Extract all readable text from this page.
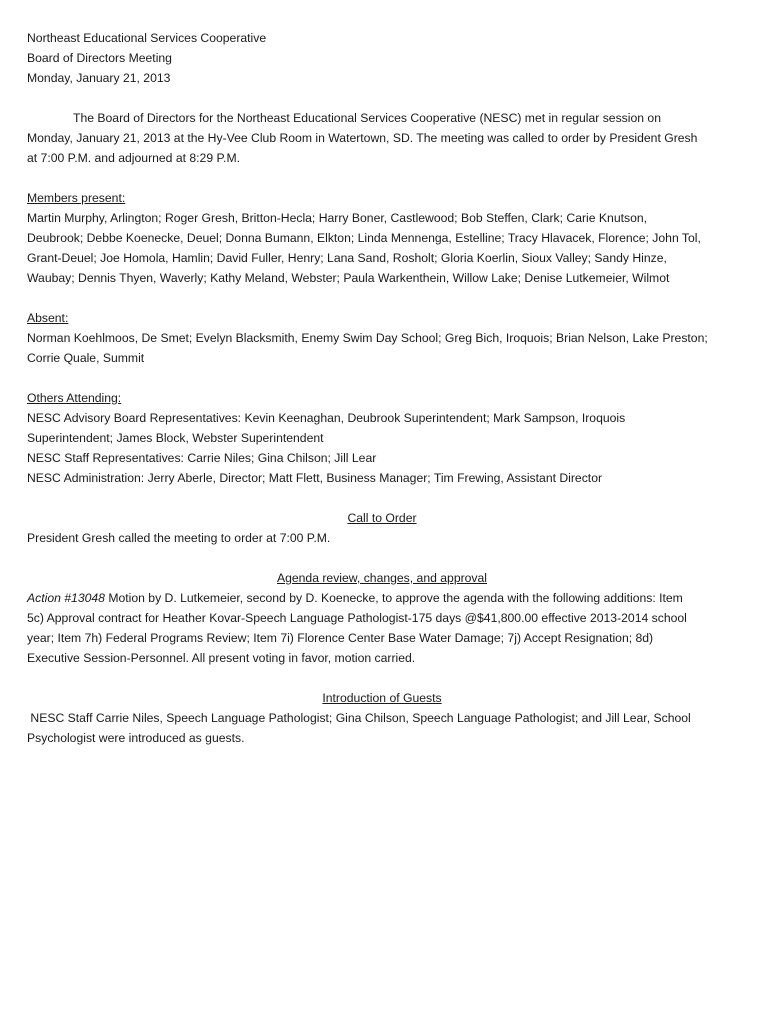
Northeast Educational Services Cooperative
Board of Directors Meeting
Monday, January 21, 2013
The Board of Directors for the Northeast Educational Services Cooperative (NESC) met in regular session on
Monday, January 21, 2013 at the Hy-Vee Club Room in Watertown, SD. The meeting was called to order by President Gresh
at 7:00 P.M. and adjourned at 8:29 P.M.
Members present:
Martin Murphy, Arlington; Roger Gresh, Britton-Hecla; Harry Boner, Castlewood; Bob Steffen, Clark; Carie Knutson,
Deubrook; Debbe Koenecke, Deuel; Donna Bumann, Elkton; Linda Mennenga, Estelline; Tracy Hlavacek, Florence; John Tol,
Grant-Deuel; Joe Homola, Hamlin; David Fuller, Henry; Lana Sand, Rosholt; Gloria Koerlin, Sioux Valley; Sandy Hinze,
Waubay; Dennis Thyen, Waverly; Kathy Meland, Webster; Paula Warkenthein, Willow Lake; Denise Lutkemeier, Wilmot
Absent:
Norman Koehlmoos, De Smet; Evelyn Blacksmith, Enemy Swim Day School; Greg Bich, Iroquois; Brian Nelson, Lake Preston;
Corrie Quale, Summit
Others Attending:
NESC Advisory Board Representatives: Kevin Keenaghan, Deubrook Superintendent; Mark Sampson, Iroquois
Superintendent; James Block, Webster Superintendent
NESC Staff Representatives: Carrie Niles; Gina Chilson; Jill Lear
NESC Administration: Jerry Aberle, Director; Matt Flett, Business Manager; Tim Frewing, Assistant Director
Call to Order
President Gresh called the meeting to order at 7:00 P.M.
Agenda review, changes, and approval
Action #13048 Motion by D. Lutkemeier, second by D. Koenecke, to approve the agenda with the following additions: Item
5c) Approval contract for Heather Kovar-Speech Language Pathologist-175 days @$41,800.00 effective 2013-2014 school
year; Item 7h) Federal Programs Review; Item 7i) Florence Center Base Water Damage; 7j) Accept Resignation; 8d)
Executive Session-Personnel. All present voting in favor, motion carried.
Introduction of Guests
NESC Staff Carrie Niles, Speech Language Pathologist; Gina Chilson, Speech Language Pathologist; and Jill Lear, School
Psychologist were introduced as guests.
